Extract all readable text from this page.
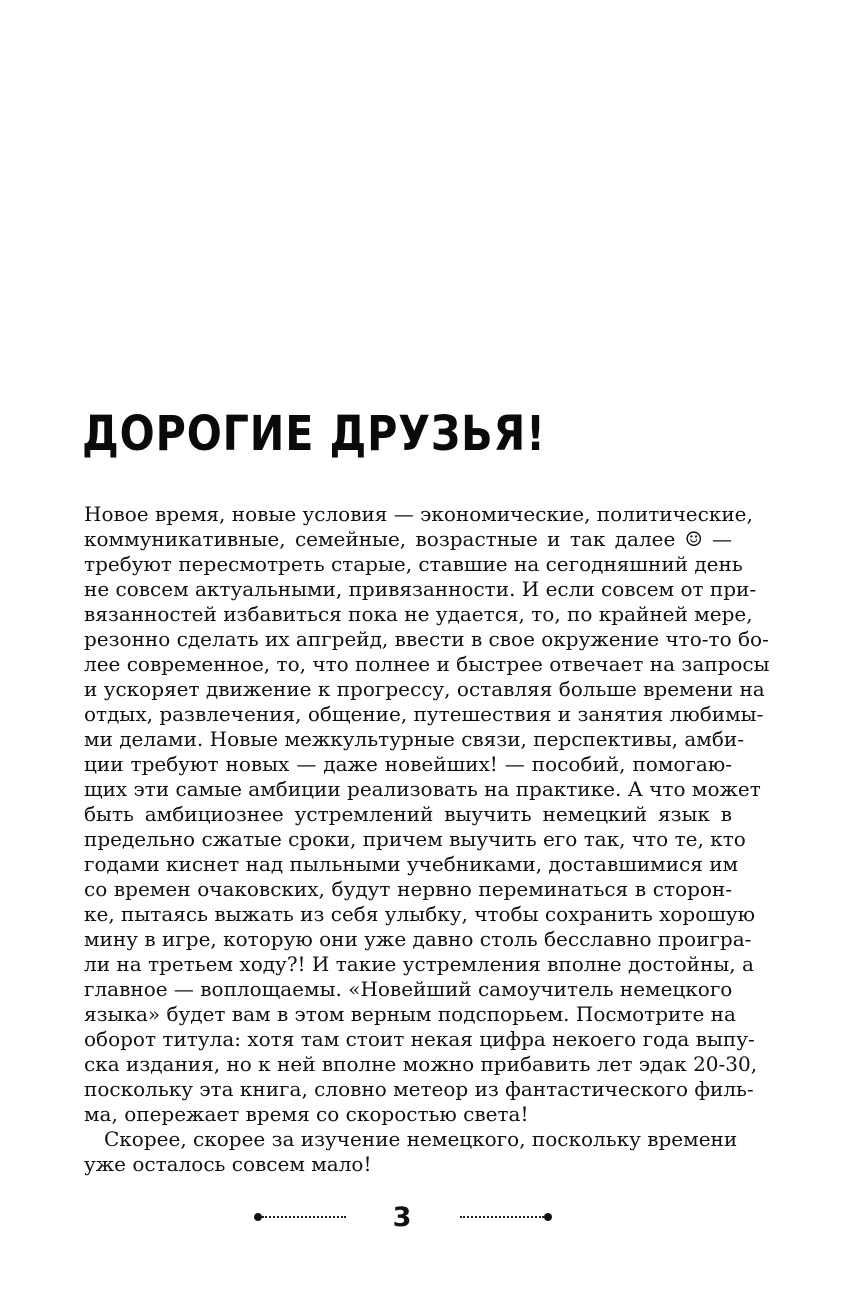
ДОРОГИЕ ДРУЗЬЯ!
Новое время, новые условия — экономические, политические,
коммуникативные, семейные, возрастные и так далее ☺ —
требуют пересмотреть старые, ставшие на сегодняшний день
не совсем актуальными, привязанности. И если совсем от при-
вязанностей избавиться пока не удается, то, по крайней мере,
резонно сделать их апгрейд, ввести в свое окружение что-то бо-
лее современное, то, что полнее и быстрее отвечает на запросы
и ускоряет движение к прогрессу, оставляя больше времени на
отдых, развлечения, общение, путешествия и занятия любимы-
ми делами. Новые межкультурные связи, перспективы, амби-
ции требуют новых — даже новейших! — пособий, помогаю-
щих эти самые амбиции реализовать на практике. А что может
быть амбициознее устремлений выучить немецкий язык в
предельно сжатые сроки, причем выучить его так, что те, кто
годами киснет над пыльными учебниками, доставшимися им
со времен очаковских, будут нервно переминаться в сторон-
ке, пытаясь выжать из себя улыбку, чтобы сохранить хорошую
мину в игре, которую они уже давно столь бесславно проигра-
ли на третьем ходу?! И такие устремления вполне достойны, а
главное — воплощаемы. «Новейший самоучитель немецкого
языка» будет вам в этом верным подспорьем. Посмотрите на
оборот титула: хотя там стоит некая цифра некоего года выпу-
ска издания, но к ней вполне можно прибавить лет эдак 20-30,
поскольку эта книга, словно метеор из фантастического филь-
ма, опережает время со скоростью света!
Скорее, скорее за изучение немецкого, поскольку времени
уже осталось совсем мало!
3
